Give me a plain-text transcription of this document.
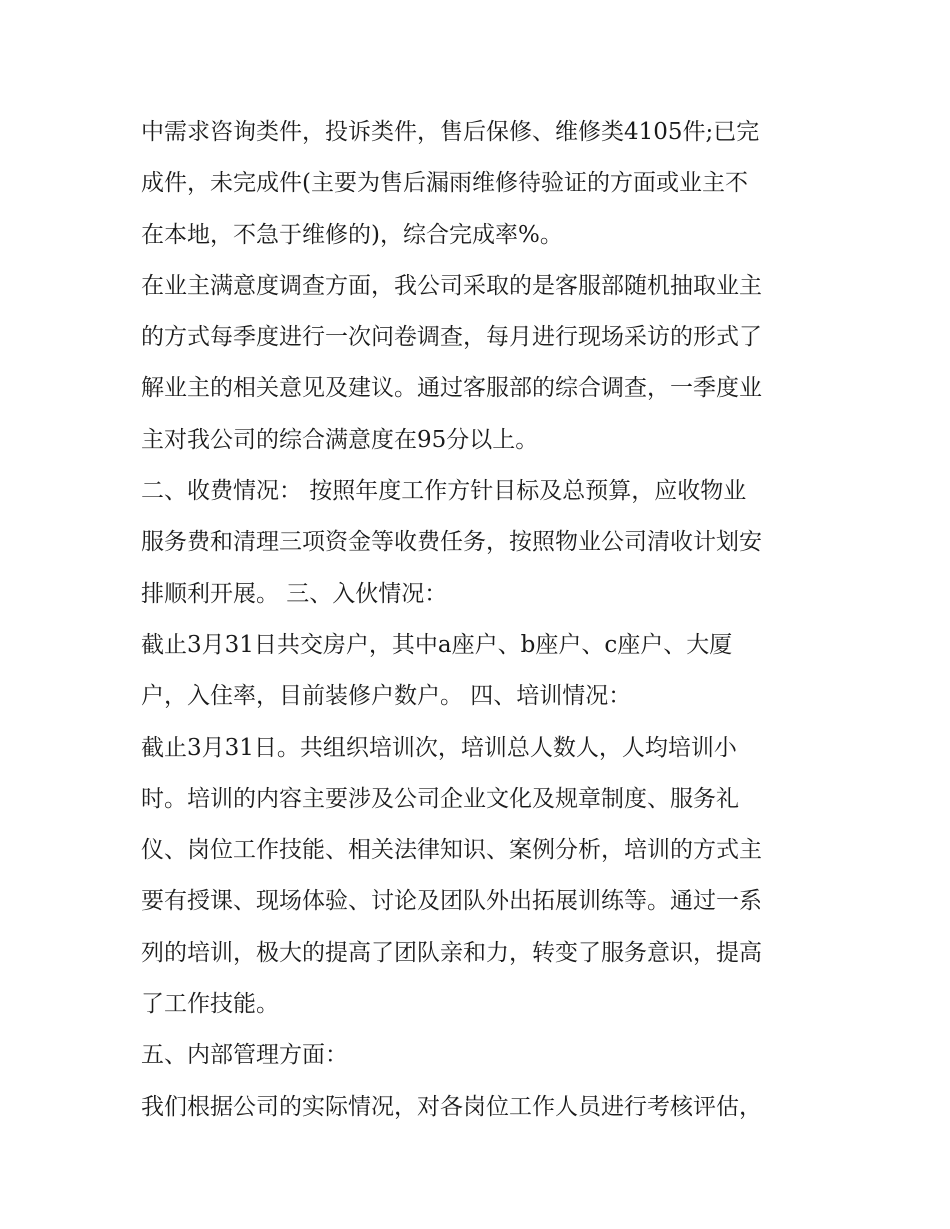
中需求咨询类件，投诉类件，售后保修、维修类4105件;已完
成件，未完成件(主要为售后漏雨维修待验证的方面或业主不
在本地，不急于维修的)，综合完成率%。
在业主满意度调查方面，我公司采取的是客服部随机抽取业主
的方式每季度进行一次问卷调查，每月进行现场采访的形式了
解业主的相关意见及建议。通过客服部的综合调查，一季度业
主对我公司的综合满意度在95分以上。
二、收费情况： 按照年度工作方针目标及总预算，应收物业
服务费和清理三项资金等收费任务，按照物业公司清收计划安
排顺利开展。 三、入伙情况：
截止3月31日共交房户，其中a座户、b座户、c座户、大厦
户，入住率，目前装修户数户。 四、培训情况：
截止3月31日。共组织培训次，培训总人数人，人均培训小
时。培训的内容主要涉及公司企业文化及规章制度、服务礼
仪、岗位工作技能、相关法律知识、案例分析，培训的方式主
要有授课、现场体验、讨论及团队外出拓展训练等。通过一系
列的培训，极大的提高了团队亲和力，转变了服务意识，提高
了工作技能。
五、内部管理方面：
我们根据公司的实际情况，对各岗位工作人员进行考核评估，
